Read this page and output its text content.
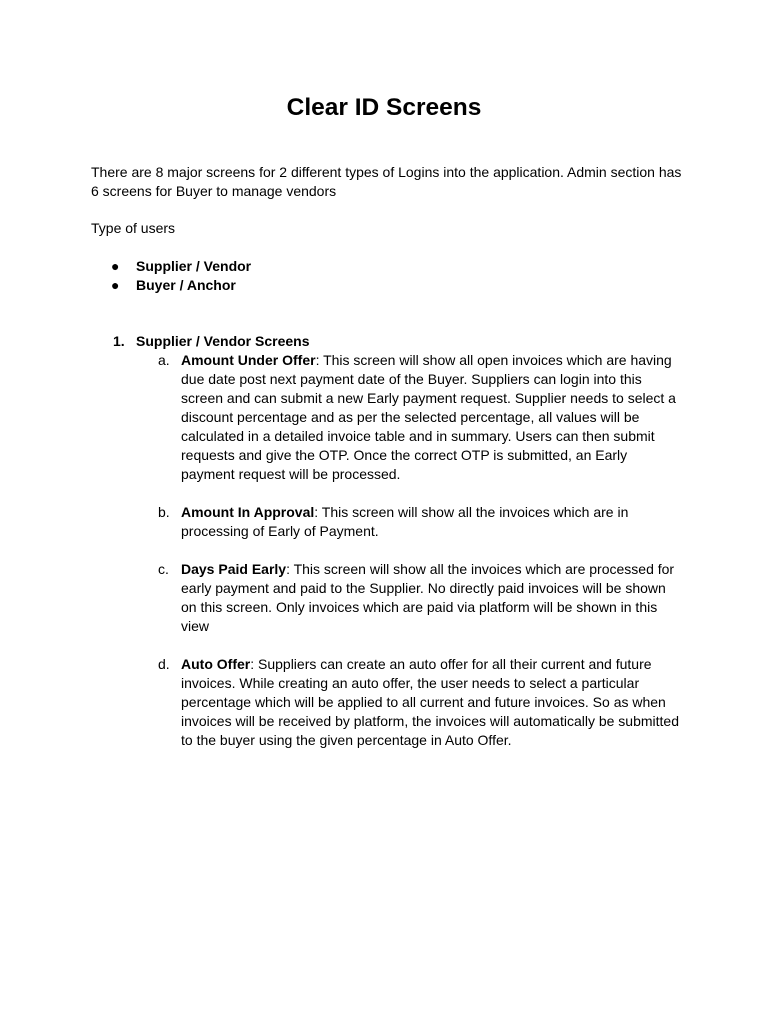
Clear ID Screens

There are 8 major screens for 2 different types of Logins into the application. Admin section has 6 screens for Buyer to manage vendors

Type of users

● Supplier / Vendor
● Buyer / Anchor

1. Supplier / Vendor Screens

a. Amount Under Offer: This screen will show all open invoices which are having due date post next payment date of the Buyer. Suppliers can login into this screen and can submit a new Early payment request. Supplier needs to select a discount percentage and as per the selected percentage, all values will be calculated in a detailed invoice table and in summary. Users can then submit requests and give the OTP. Once the correct OTP is submitted, an Early payment request will be processed.
b. Amount In Approval: This screen will show all the invoices which are in processing of Early of Payment.
c. Days Paid Early: This screen will show all the invoices which are processed for early payment and paid to the Supplier. No directly paid invoices will be shown on this screen. Only invoices which are paid via platform will be shown in this view
d. Auto Offer: Suppliers can create an auto offer for all their current and future invoices. While creating an auto offer, the user needs to select a particular percentage which will be applied to all current and future invoices. So as when invoices will be received by platform, the invoices will automatically be submitted to the buyer using the given percentage in Auto Offer.
